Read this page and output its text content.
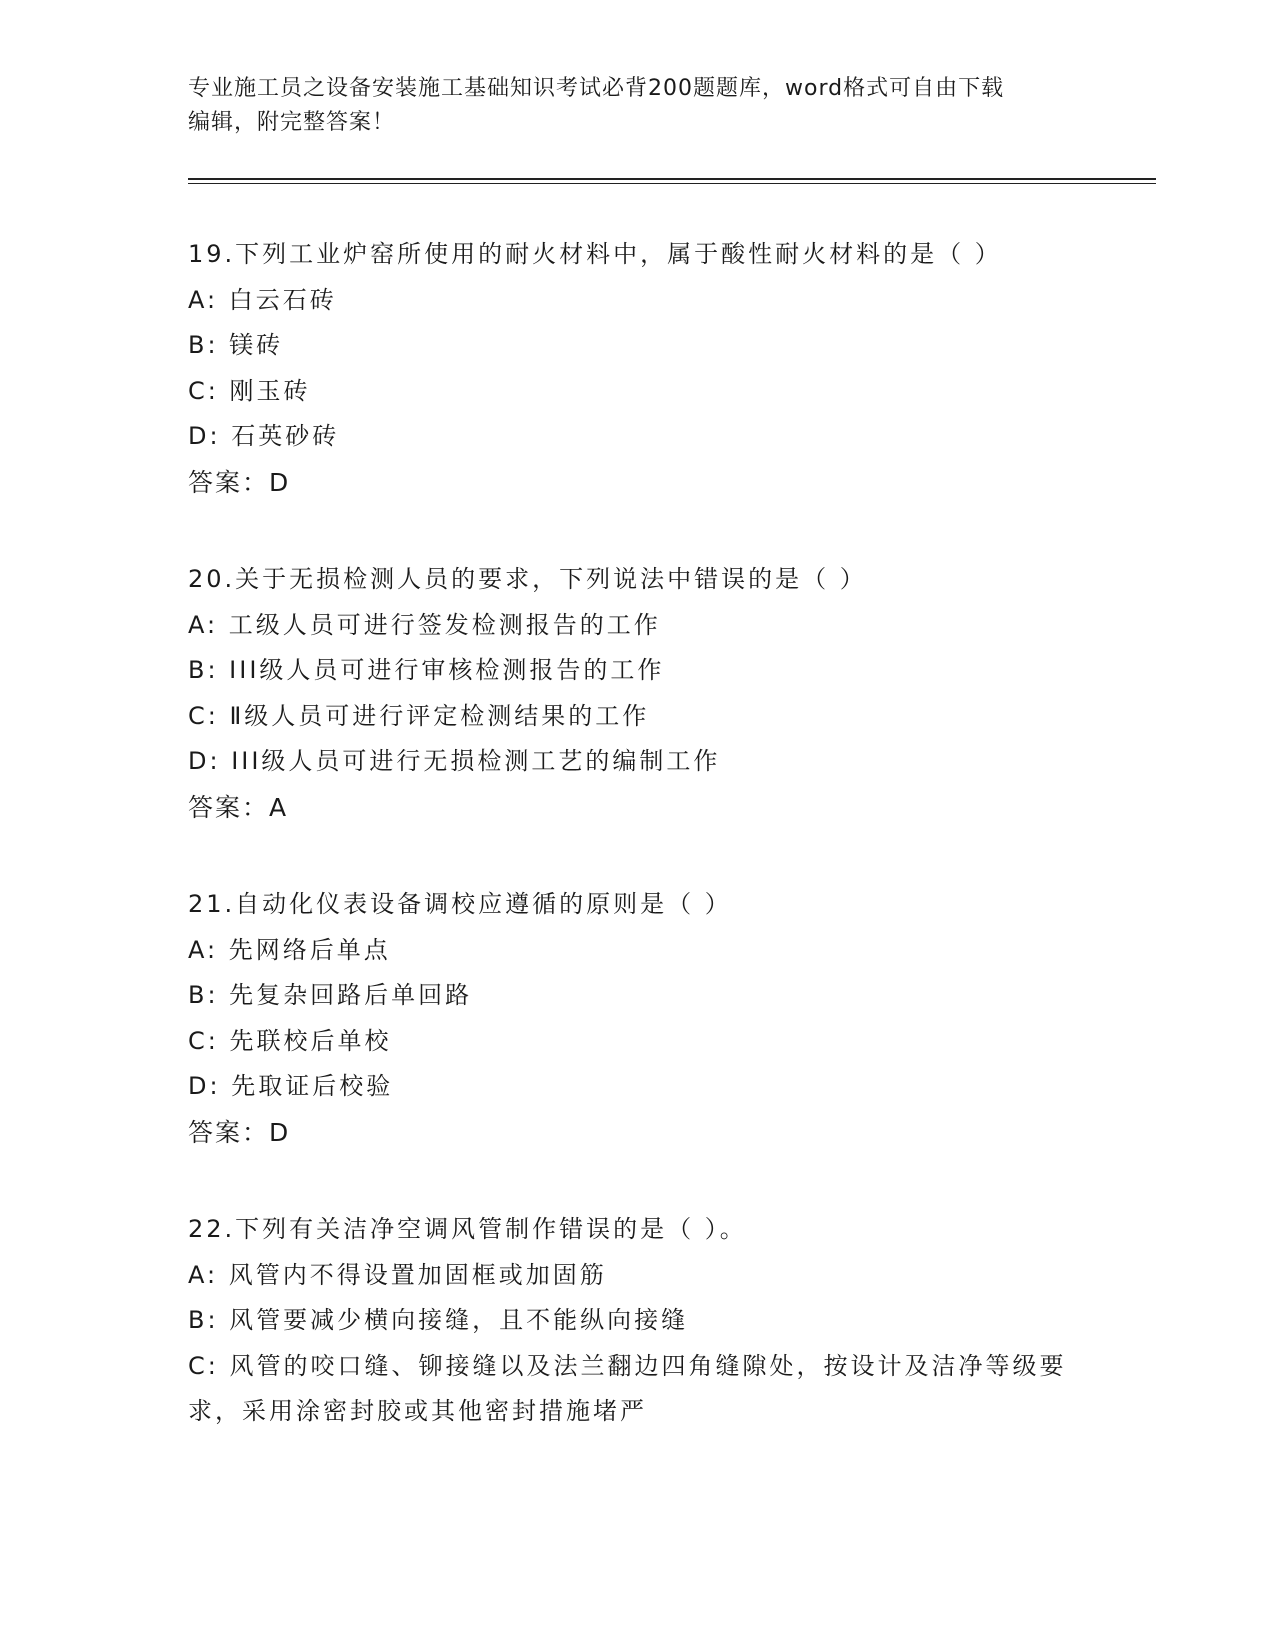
专业施工员之设备安装施工基础知识考试必背200题题库，word格式可自由下载
编辑，附完整答案！
19.下列工业炉窑所使用的耐火材料中，属于酸性耐火材料的是（ ）
A: 白云石砖
B: 镁砖
C: 刚玉砖
D: 石英砂砖
答案：D
20.关于无损检测人员的要求，下列说法中错误的是（ ）
A: 工级人员可进行签发检测报告的工作
B: III级人员可进行审核检测报告的工作
C: Ⅱ级人员可进行评定检测结果的工作
D: III级人员可进行无损检测工艺的编制工作
答案：A
21.自动化仪表设备调校应遵循的原则是（ ）
A: 先网络后单点
B: 先复杂回路后单回路
C: 先联校后单校
D: 先取证后校验
答案：D
22.下列有关洁净空调风管制作错误的是（ ）。
A: 风管内不得设置加固框或加固筋
B: 风管要减少横向接缝，且不能纵向接缝
C: 风管的咬口缝、铆接缝以及法兰翻边四角缝隙处，按设计及洁净等级要求，采用涂密封胶或其他密封措施堵严
